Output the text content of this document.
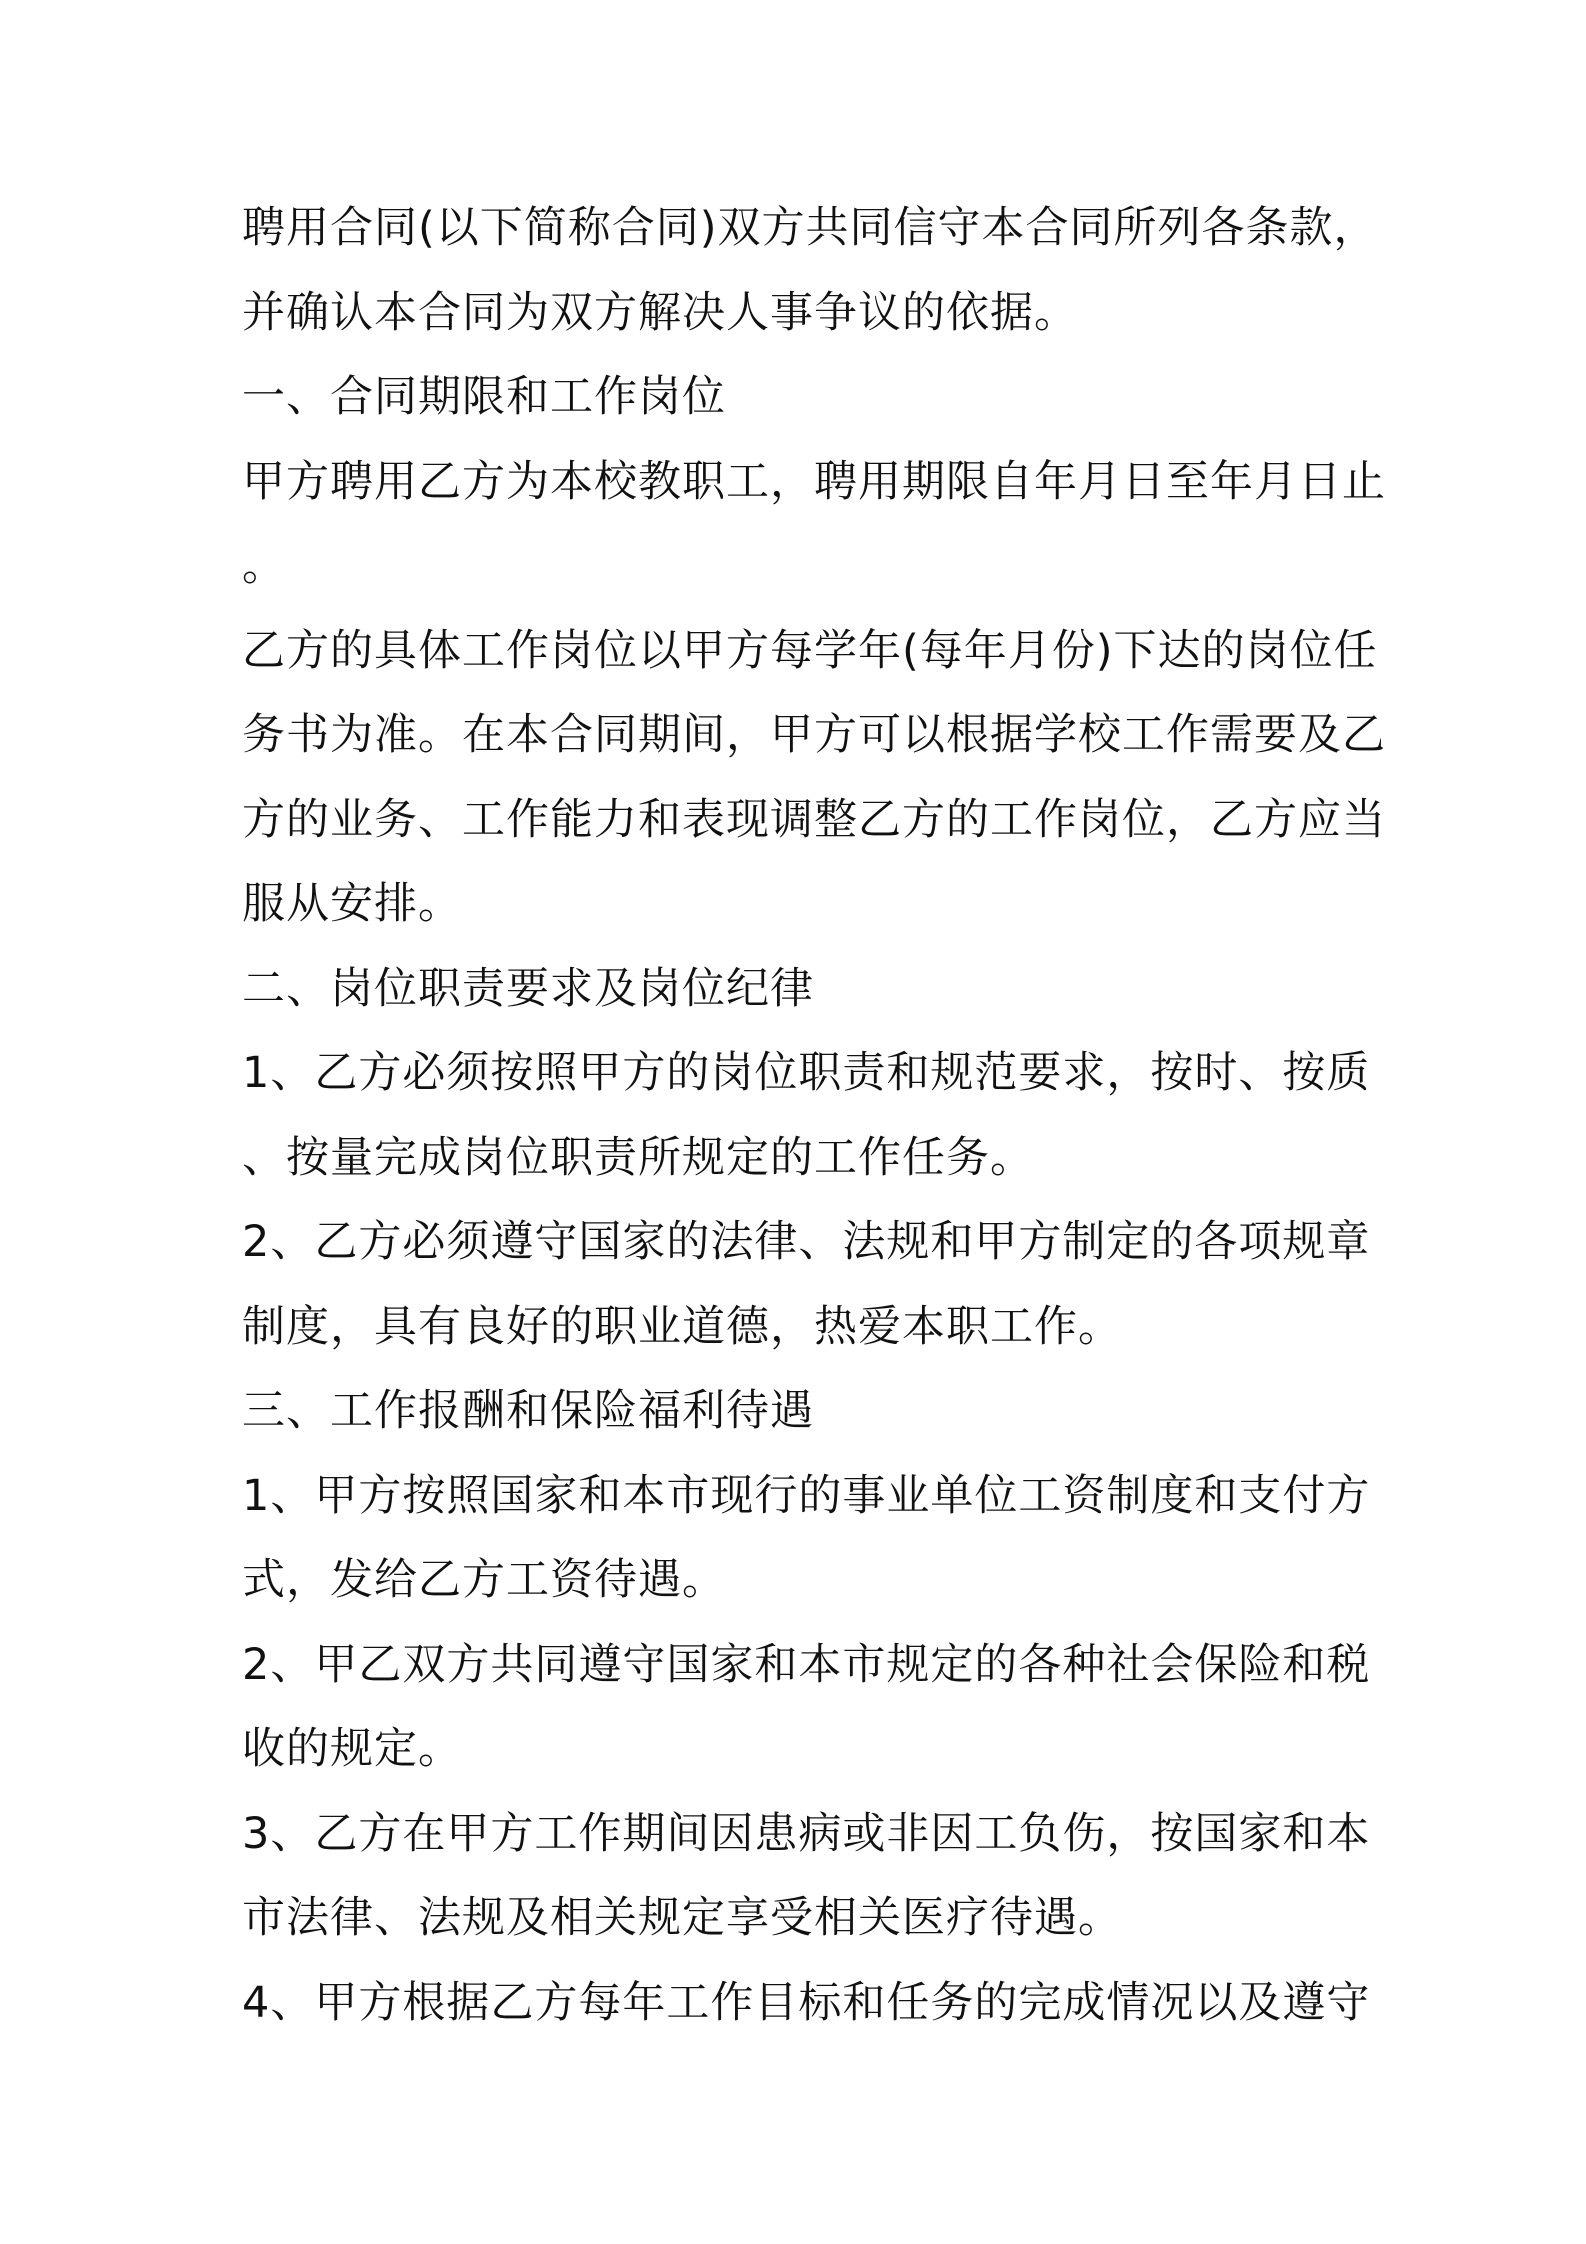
聘用合同(以下简称合同)双方共同信守本合同所列各条款，
并确认本合同为双方解决人事争议的依据。
一、合同期限和工作岗位
甲方聘用乙方为本校教职工，聘用期限自年月日至年月日止
。
乙方的具体工作岗位以甲方每学年(每年月份)下达的岗位任
务书为准。在本合同期间，甲方可以根据学校工作需要及乙
方的业务、工作能力和表现调整乙方的工作岗位，乙方应当
服从安排。
二、岗位职责要求及岗位纪律
1、乙方必须按照甲方的岗位职责和规范要求，按时、按质
、按量完成岗位职责所规定的工作任务。
2、乙方必须遵守国家的法律、法规和甲方制定的各项规章
制度，具有良好的职业道德，热爱本职工作。
三、工作报酬和保险福利待遇
1、甲方按照国家和本市现行的事业单位工资制度和支付方
式，发给乙方工资待遇。
2、甲乙双方共同遵守国家和本市规定的各种社会保险和税
收的规定。
3、乙方在甲方工作期间因患病或非因工负伤，按国家和本
市法律、法规及相关规定享受相关医疗待遇。
4、甲方根据乙方每年工作目标和任务的完成情况以及遵守
